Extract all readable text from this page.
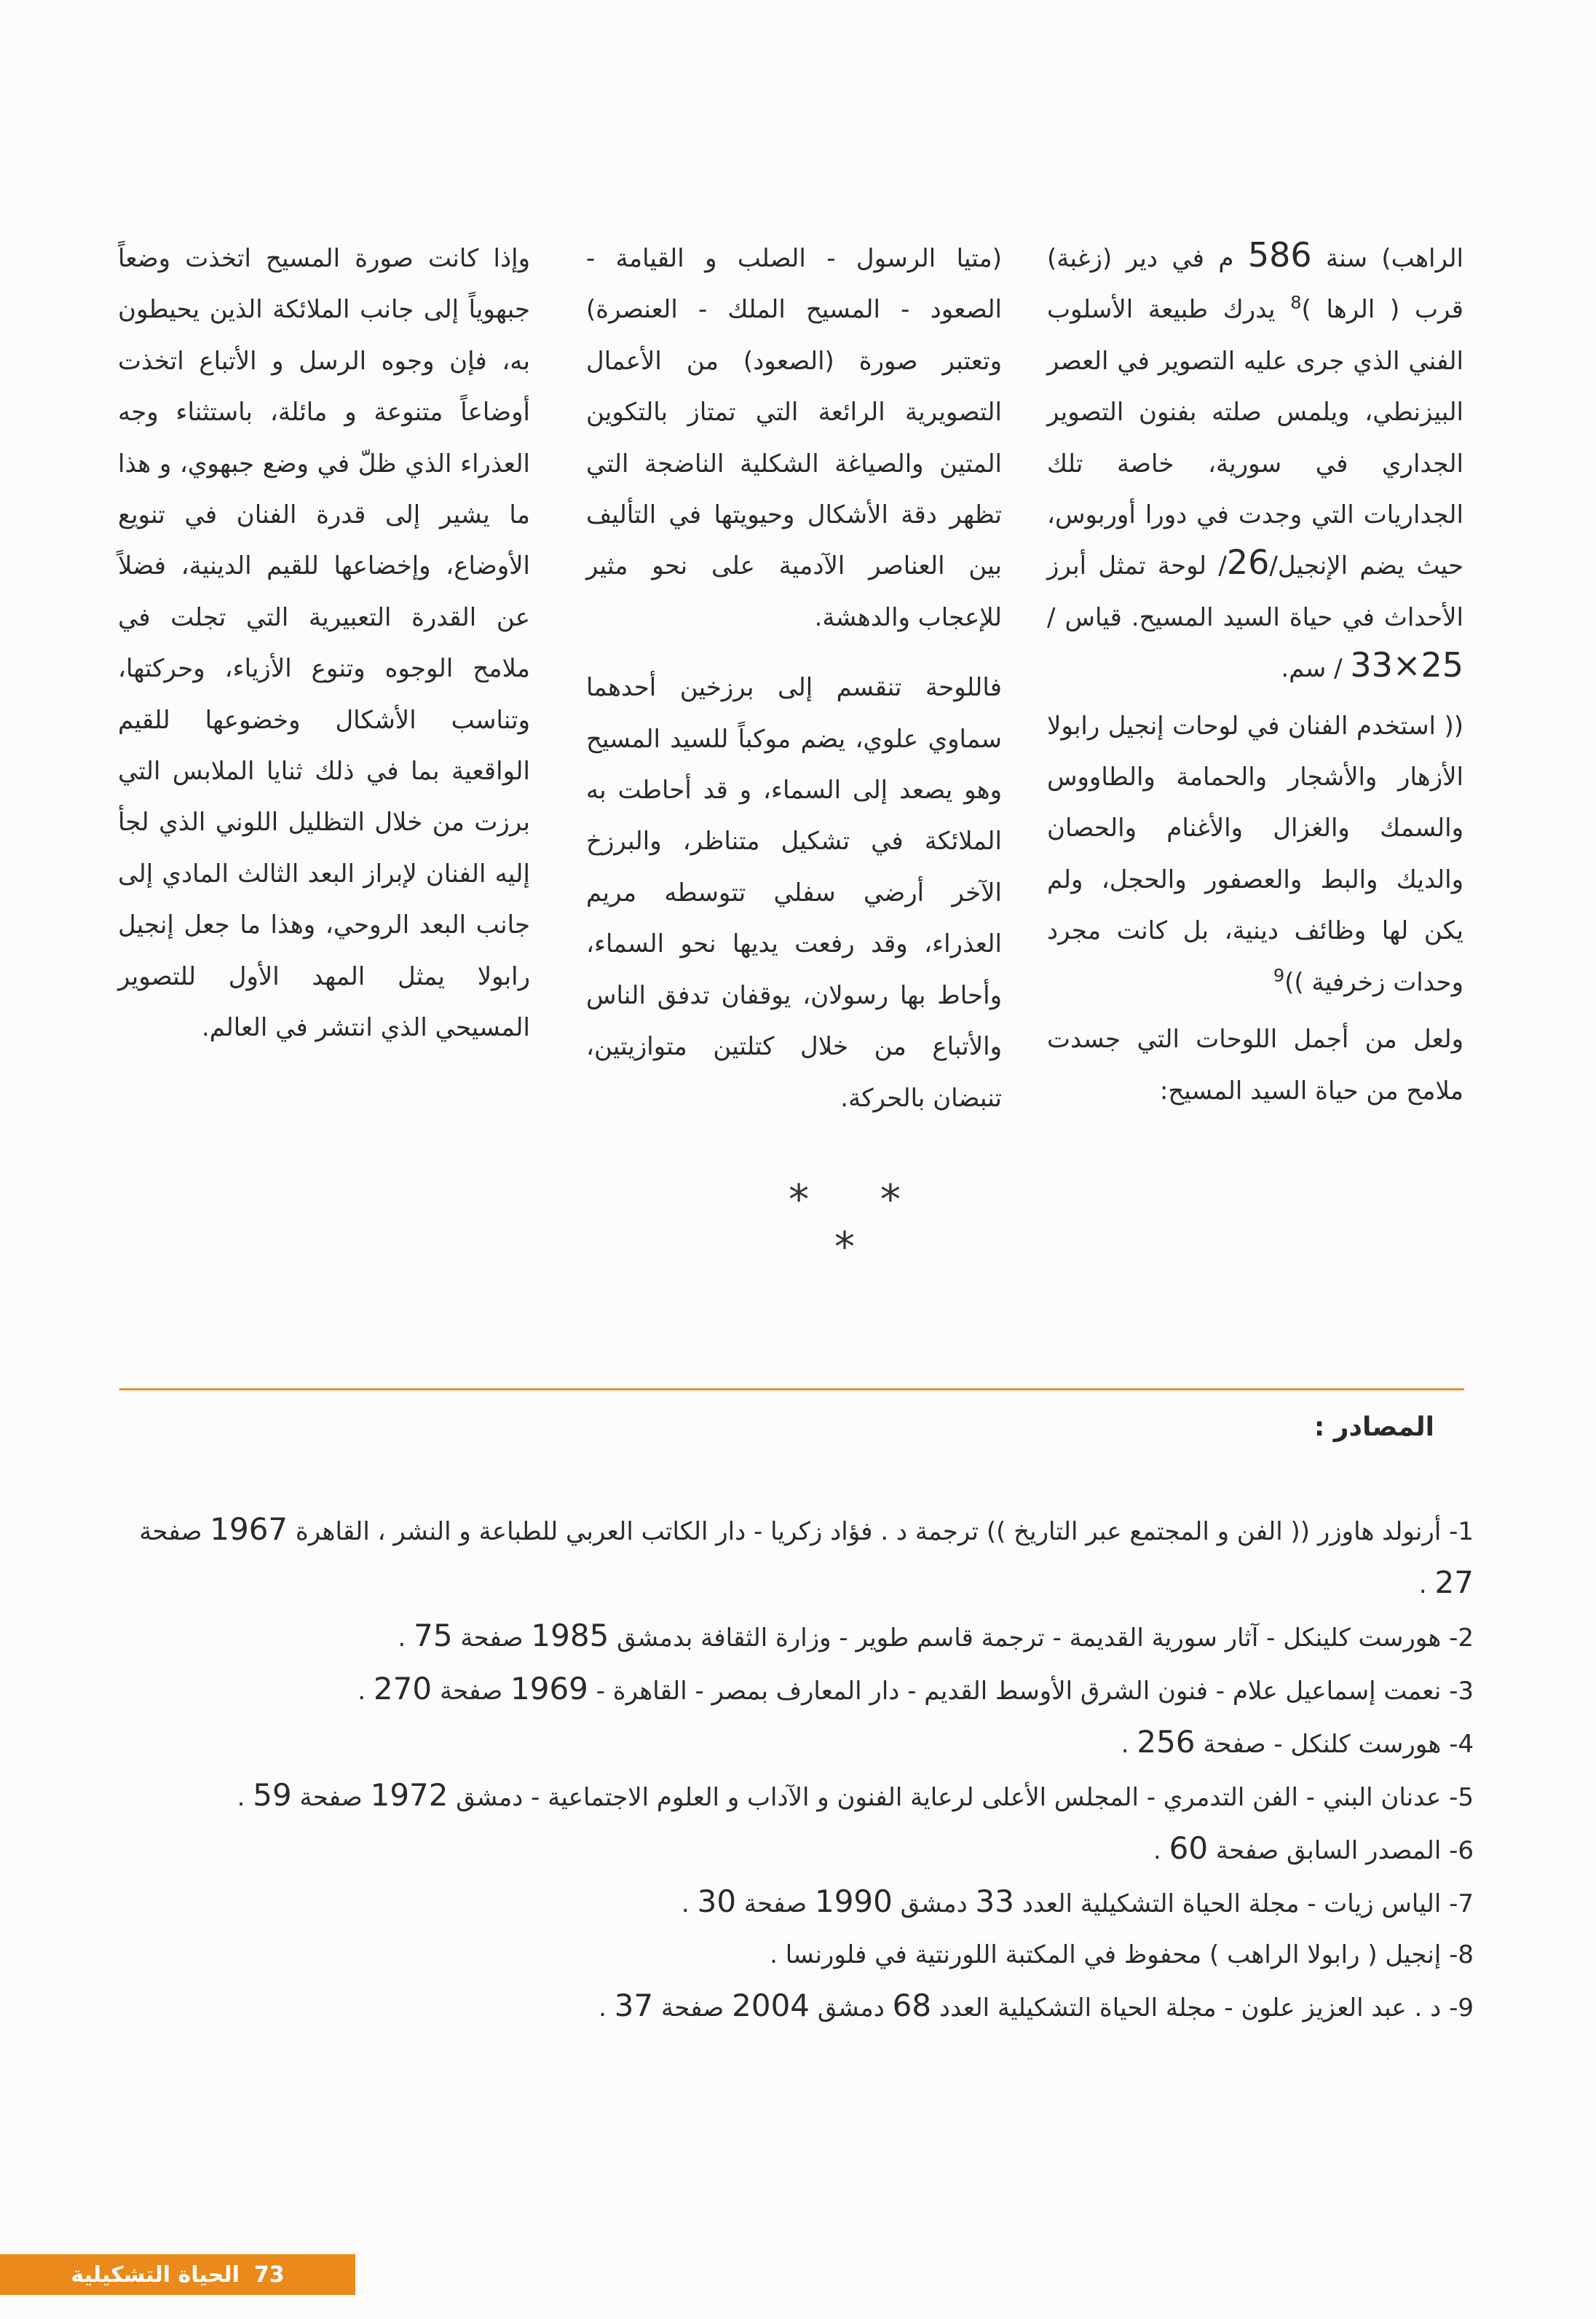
الراهب) سنة 586 م في دير (زغبة) قرب ( الرها )$^8$ يدرك طبيعة الأسلوب الفني الذي جرى عليه التصوير في العصر البيزنطي، ويلمس صلته بفنون التصوير الجداري في سورية، خاصة تلك الجداريات التي وجدت في دورا أوربوس، حيث يضم الإنجيل/26/ لوحة تمثل أبرز الأحداث في حياة السيد المسيح. قياس / 25×33 / سم.

(( استخدم الفنان في لوحات إنجيل رابولا الأزهار والأشجار والحمامة والطاووس والسمك والغزال والأغنام والحصان والديك والبط والعصفور والحجل، ولم يكن لها وظائف دينية، بل كانت مجرد وحدات زخرفية ))$^9$

ولعل من أجمل اللوحات التي جسدت ملامح من حياة السيد المسيح:

(متيا الرسول - الصلب و القيامة - الصعود - المسيح الملك - العنصرة) وتعتبر صورة (الصعود) من الأعمال التصويرية الرائعة التي تمتاز بالتكوين المتين والصياغة الشكلية الناضجة التي تظهر دقة الأشكال وحيويتها في التأليف بين العناصر الآدمية على نحو مثير للإعجاب والدهشة.

فاللوحة تنقسم إلى برزخين أحدهما سماوي علوي، يضم موكباً للسيد المسيح وهو يصعد إلى السماء، و قد أحاطت به الملائكة في تشكيل متناظر، والبرزخ الآخر أرضي سفلي تتوسطه مريم العذراء، وقد رفعت يديها نحو السماء، وأحاط بها رسولان، يوقفان تدفق الناس والأتباع من خلال كتلتين متوازيتين، تنبضان بالحركة.

وإذا كانت صورة المسيح اتخذت وضعاً جبهوياً إلى جانب الملائكة الذين يحيطون به، فإن وجوه الرسل و الأتباع اتخذت أوضاعاً متنوعة و مائلة، باستثناء وجه العذراء الذي ظلّ في وضع جبهوي، و هذا ما يشير إلى قدرة الفنان في تنويع الأوضاع، وإخضاعها للقيم الدينية، فضلاً عن القدرة التعبيرية التي تجلت في ملامح الوجوه وتنوع الأزياء، وحركتها، وتناسب الأشكال وخضوعها للقيم الواقعية بما في ذلك ثنايا الملابس التي برزت من خلال التظليل اللوني الذي لجأ إليه الفنان لإبراز البعد الثالث المادي إلى جانب البعد الروحي، وهذا ما جعل إنجيل رابولا يمثل المهد الأول للتصوير المسيحي الذي انتشر في العالم.

* * *
المصادر :
1- أرنولد هاوزر (( الفن و المجتمع عبر التاريخ )) ترجمة د . فؤاد زكريا - دار الكاتب العربي للطباعة و النشر ، القاهرة 1967 صفحة 27 .
2- هورست كلينكل - آثار سورية القديمة - ترجمة قاسم طوير - وزارة الثقافة بدمشق 1985 صفحة 75 .
3- نعمت إسماعيل علام - فنون الشرق الأوسط القديم - دار المعارف بمصر - القاهرة - 1969 صفحة 270 .
4- هورست كلنكل - صفحة 256 .
5- عدنان البني - الفن التدمري - المجلس الأعلى لرعاية الفنون و الآداب و العلوم الاجتماعية - دمشق 1972 صفحة 59 .
6- المصدر السابق صفحة 60 .
7- الياس زيات - مجلة الحياة التشكيلية العدد 33 دمشق 1990 صفحة 30 .
8- إنجيل ( رابولا الراهب ) محفوظ في المكتبة اللورنتية في فلورنسا .
9- د . عبد العزيز علون - مجلة الحياة التشكيلية العدد 68 دمشق 2004 صفحة 37 .
الحياة التشكيلية 73
